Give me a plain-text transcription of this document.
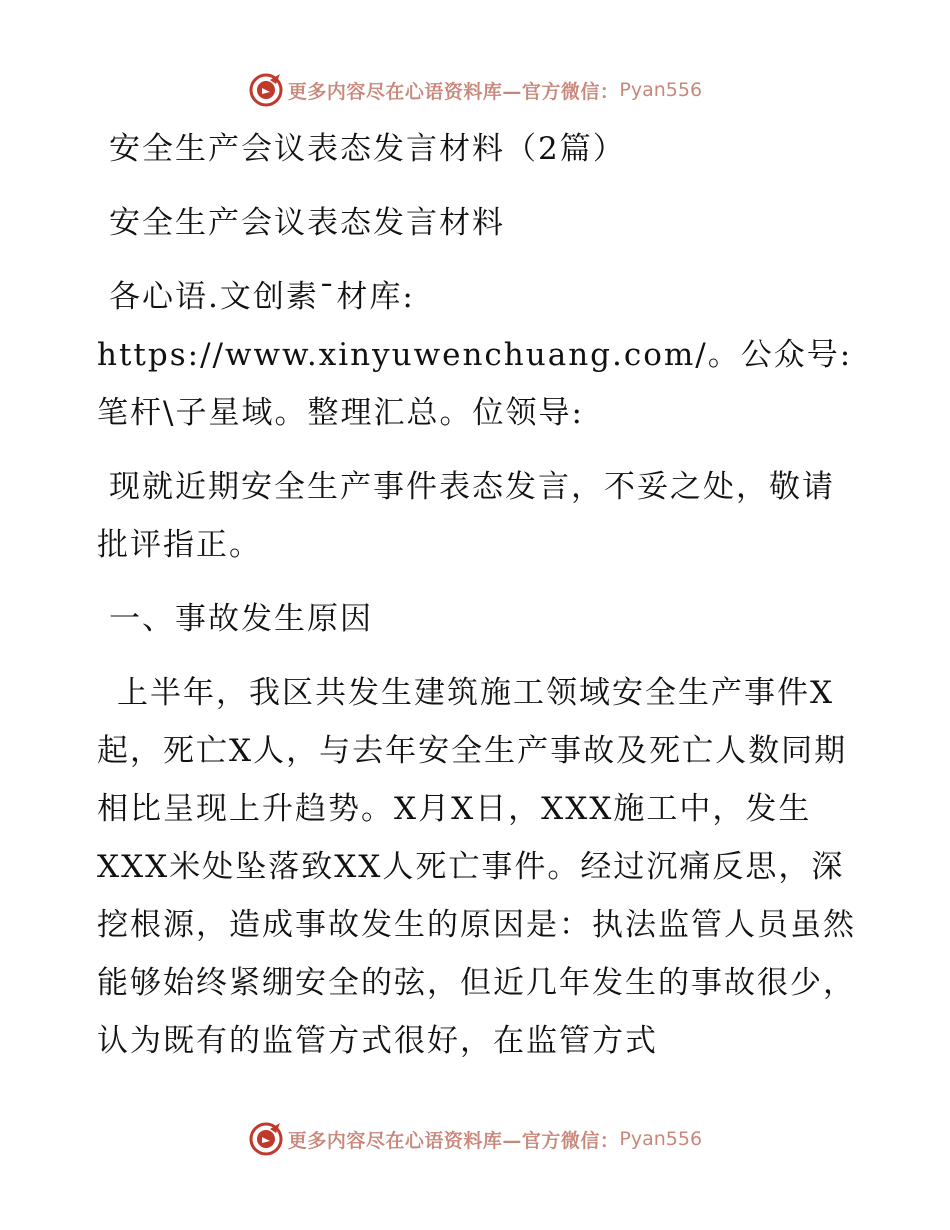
更多内容尽在心语资料库—官方微信： Pyan556

安全生产会议表态发言材料（2篇）

安全生产会议表态发言材料

各心语.文创素¯材库: https://www.xinyuwenchuang.com/。公众号: 笔杆\子星域。整理汇总。位领导:

现就近期安全生产事件表态发言，不妥之处，敬请批评指正。

一、事故发生原因

上半年，我区共发生建筑施工领域安全生产事件X起，死亡X人，与去年安全生产事故及死亡人数同期相比呈现上升趋势。X月X日，XXX施工中，发生XXX米处坠落致XX人死亡事件。经过沉痛反思，深挖根源，造成事故发生的原因是：执法监管人员虽然能够始终紧绷安全的弦，但近几年发生的事故很少，认为既有的监管方式很好，在监管方式

更多内容尽在心语资料库—官方微信： Pyan556
